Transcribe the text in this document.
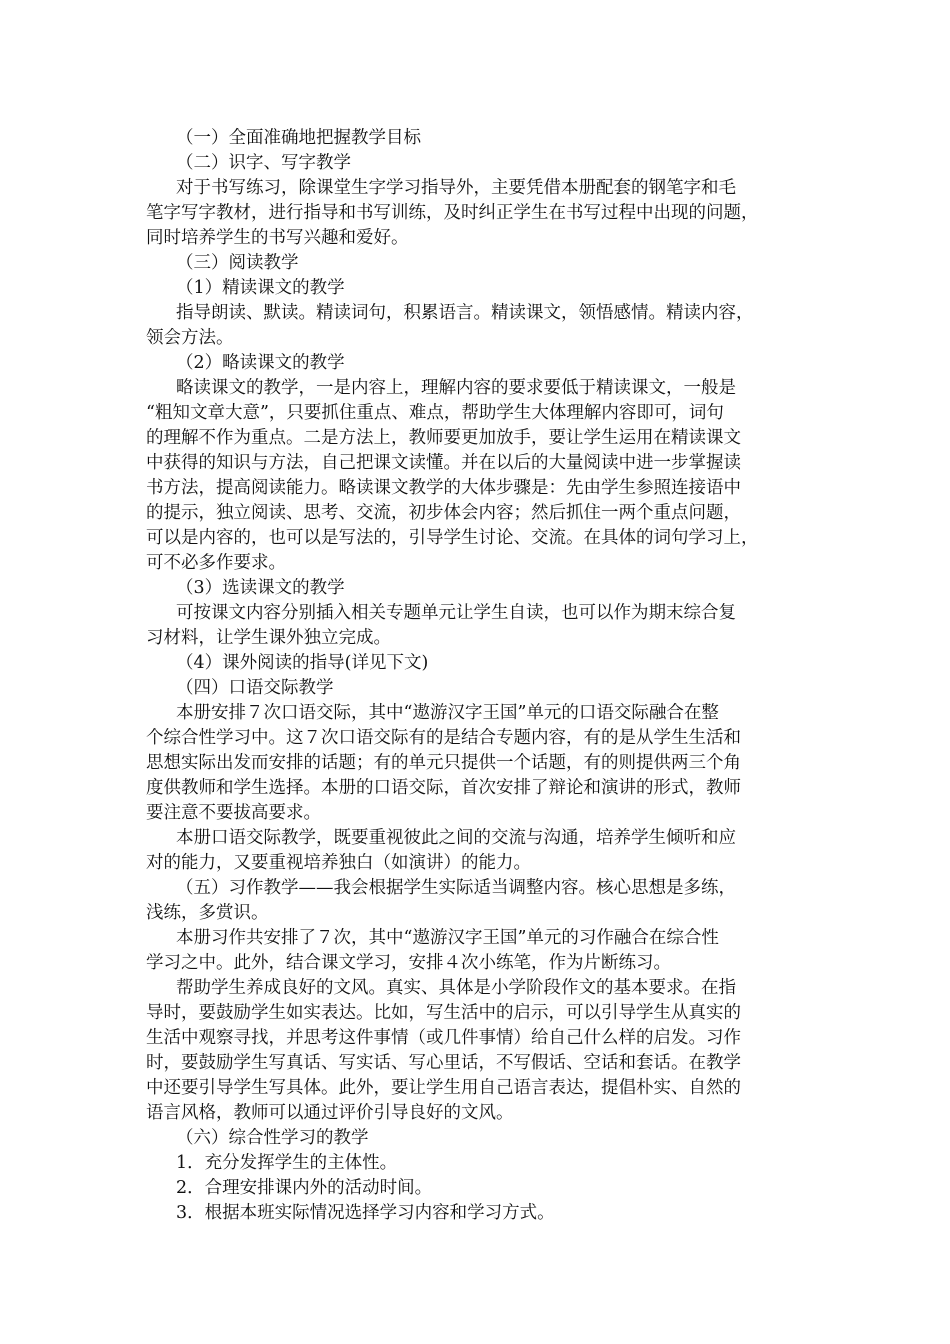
（一）全面准确地把握教学目标
（二）识字、写字教学
对于书写练习，除课堂生字学习指导外，主要凭借本册配套的钢笔字和毛
笔字写字教材，进行指导和书写训练，及时纠正学生在书写过程中出现的问题，
同时培养学生的书写兴趣和爱好。
（三）阅读教学
（1）精读课文的教学
指导朗读、默读。精读词句，积累语言。精读课文，领悟感情。精读内容，
领会方法。
（2）略读课文的教学
略读课文的教学，一是内容上，理解内容的要求要低于精读课文，一般是
“粗知文章大意”，只要抓住重点、难点，帮助学生大体理解内容即可，词句
的理解不作为重点。二是方法上，教师要更加放手，要让学生运用在精读课文
中获得的知识与方法，自己把课文读懂。并在以后的大量阅读中进一步掌握读
书方法，提高阅读能力。略读课文教学的大体步骤是：先由学生参照连接语中
的提示，独立阅读、思考、交流，初步体会内容；然后抓住一两个重点问题，
可以是内容的，也可以是写法的，引导学生讨论、交流。在具体的词句学习上，
可不必多作要求。
（3）选读课文的教学
可按课文内容分别插入相关专题单元让学生自读，也可以作为期末综合复
习材料，让学生课外独立完成。
（4）课外阅读的指导(详见下文)
（四）口语交际教学
本册安排７次口语交际，其中“遨游汉字王国”单元的口语交际融合在整
个综合性学习中。这７次口语交际有的是结合专题内容，有的是从学生生活和
思想实际出发而安排的话题；有的单元只提供一个话题，有的则提供两三个角
度供教师和学生选择。本册的口语交际，首次安排了辩论和演讲的形式，教师
要注意不要拔高要求。
本册口语交际教学，既要重视彼此之间的交流与沟通，培养学生倾听和应
对的能力，又要重视培养独白（如演讲）的能力。
（五）习作教学——我会根据学生实际适当调整内容。核心思想是多练，
浅练，多赏识。
本册习作共安排了７次，其中“遨游汉字王国”单元的习作融合在综合性
学习之中。此外，结合课文学习，安排４次小练笔，作为片断练习。
帮助学生养成良好的文风。真实、具体是小学阶段作文的基本要求。在指
导时，要鼓励学生如实表达。比如，写生活中的启示，可以引导学生从真实的
生活中观察寻找，并思考这件事情（或几件事情）给自己什么样的启发。习作
时，要鼓励学生写真话、写实话、写心里话，不写假话、空话和套话。在教学
中还要引导学生写具体。此外，要让学生用自己语言表达，提倡朴实、自然的
语言风格，教师可以通过评价引导良好的文风。
（六）综合性学习的教学
1．充分发挥学生的主体性。
2．合理安排课内外的活动时间。
3．根据本班实际情况选择学习内容和学习方式。
